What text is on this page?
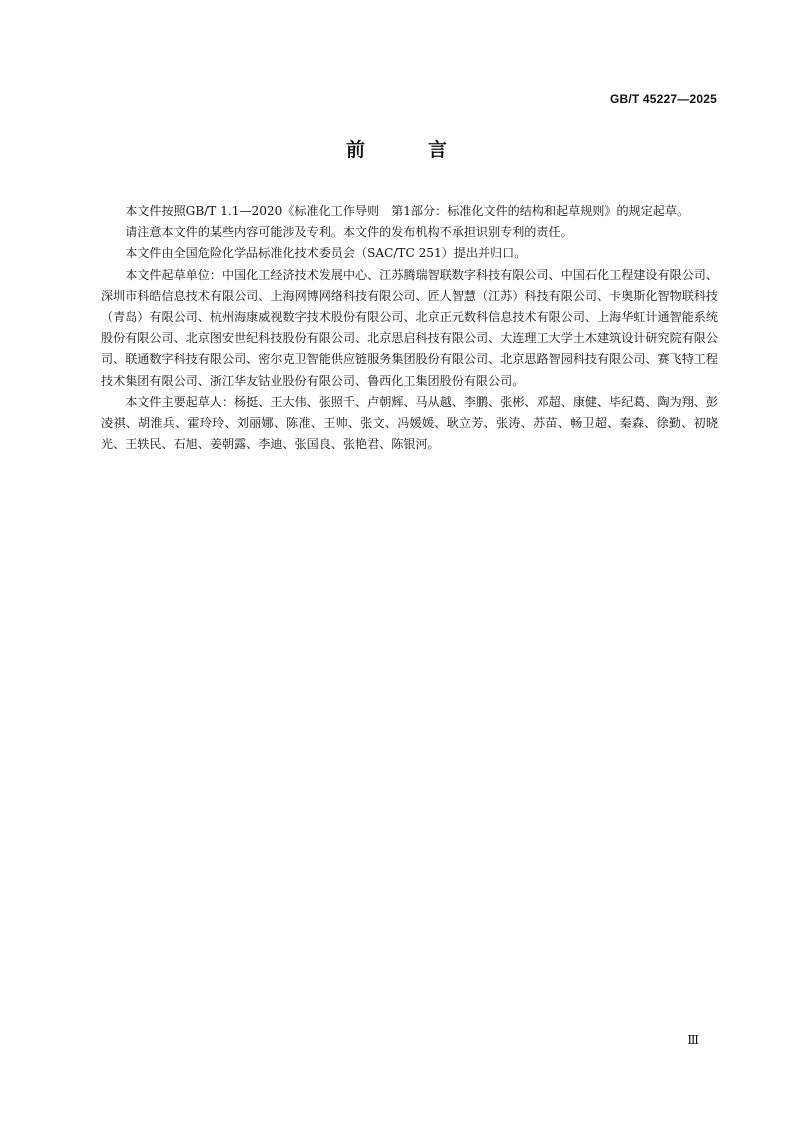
GB/T 45227—2025
前　言

本文件按照GB/T 1.1—2020《标准化工作导则　第1部分：标准化文件的结构和起草规则》的规定起草。

请注意本文件的某些内容可能涉及专利。本文件的发布机构不承担识别专利的责任。

本文件由全国危险化学品标准化技术委员会（SAC/TC 251）提出并归口。

本文件起草单位：中国化工经济技术发展中心、江苏腾瑞智联数字科技有限公司、中国石化工程建设有限公司、深圳市科皓信息技术有限公司、上海网博网络科技有限公司、匠人智慧（江苏）科技有限公司、卡奥斯化智物联科技（青岛）有限公司、杭州海康威视数字技术股份有限公司、北京正元数科信息技术有限公司、上海华虹计通智能系统股份有限公司、北京图安世纪科技股份有限公司、北京思启科技有限公司、大连理工大学土木建筑设计研究院有限公司、联通数字科技有限公司、密尔克卫智能供应链服务集团股份有限公司、北京思路智园科技有限公司、赛飞特工程技术集团有限公司、浙江华友钴业股份有限公司、鲁西化工集团股份有限公司。

本文件主要起草人：杨挺、王大伟、张照千、卢朝辉、马从越、李鹏、张彬、邓超、康健、毕纪葛、陶为翔、彭凌祺、胡淮兵、霍玲玲、刘丽娜、陈准、王帅、张文、冯媛媛、耿立芳、张涛、苏苗、畅卫超、秦森、徐勤、初晓光、王轶民、石旭、姜朝露、李迪、张国良、张艳君、陈银河。

Ⅲ
